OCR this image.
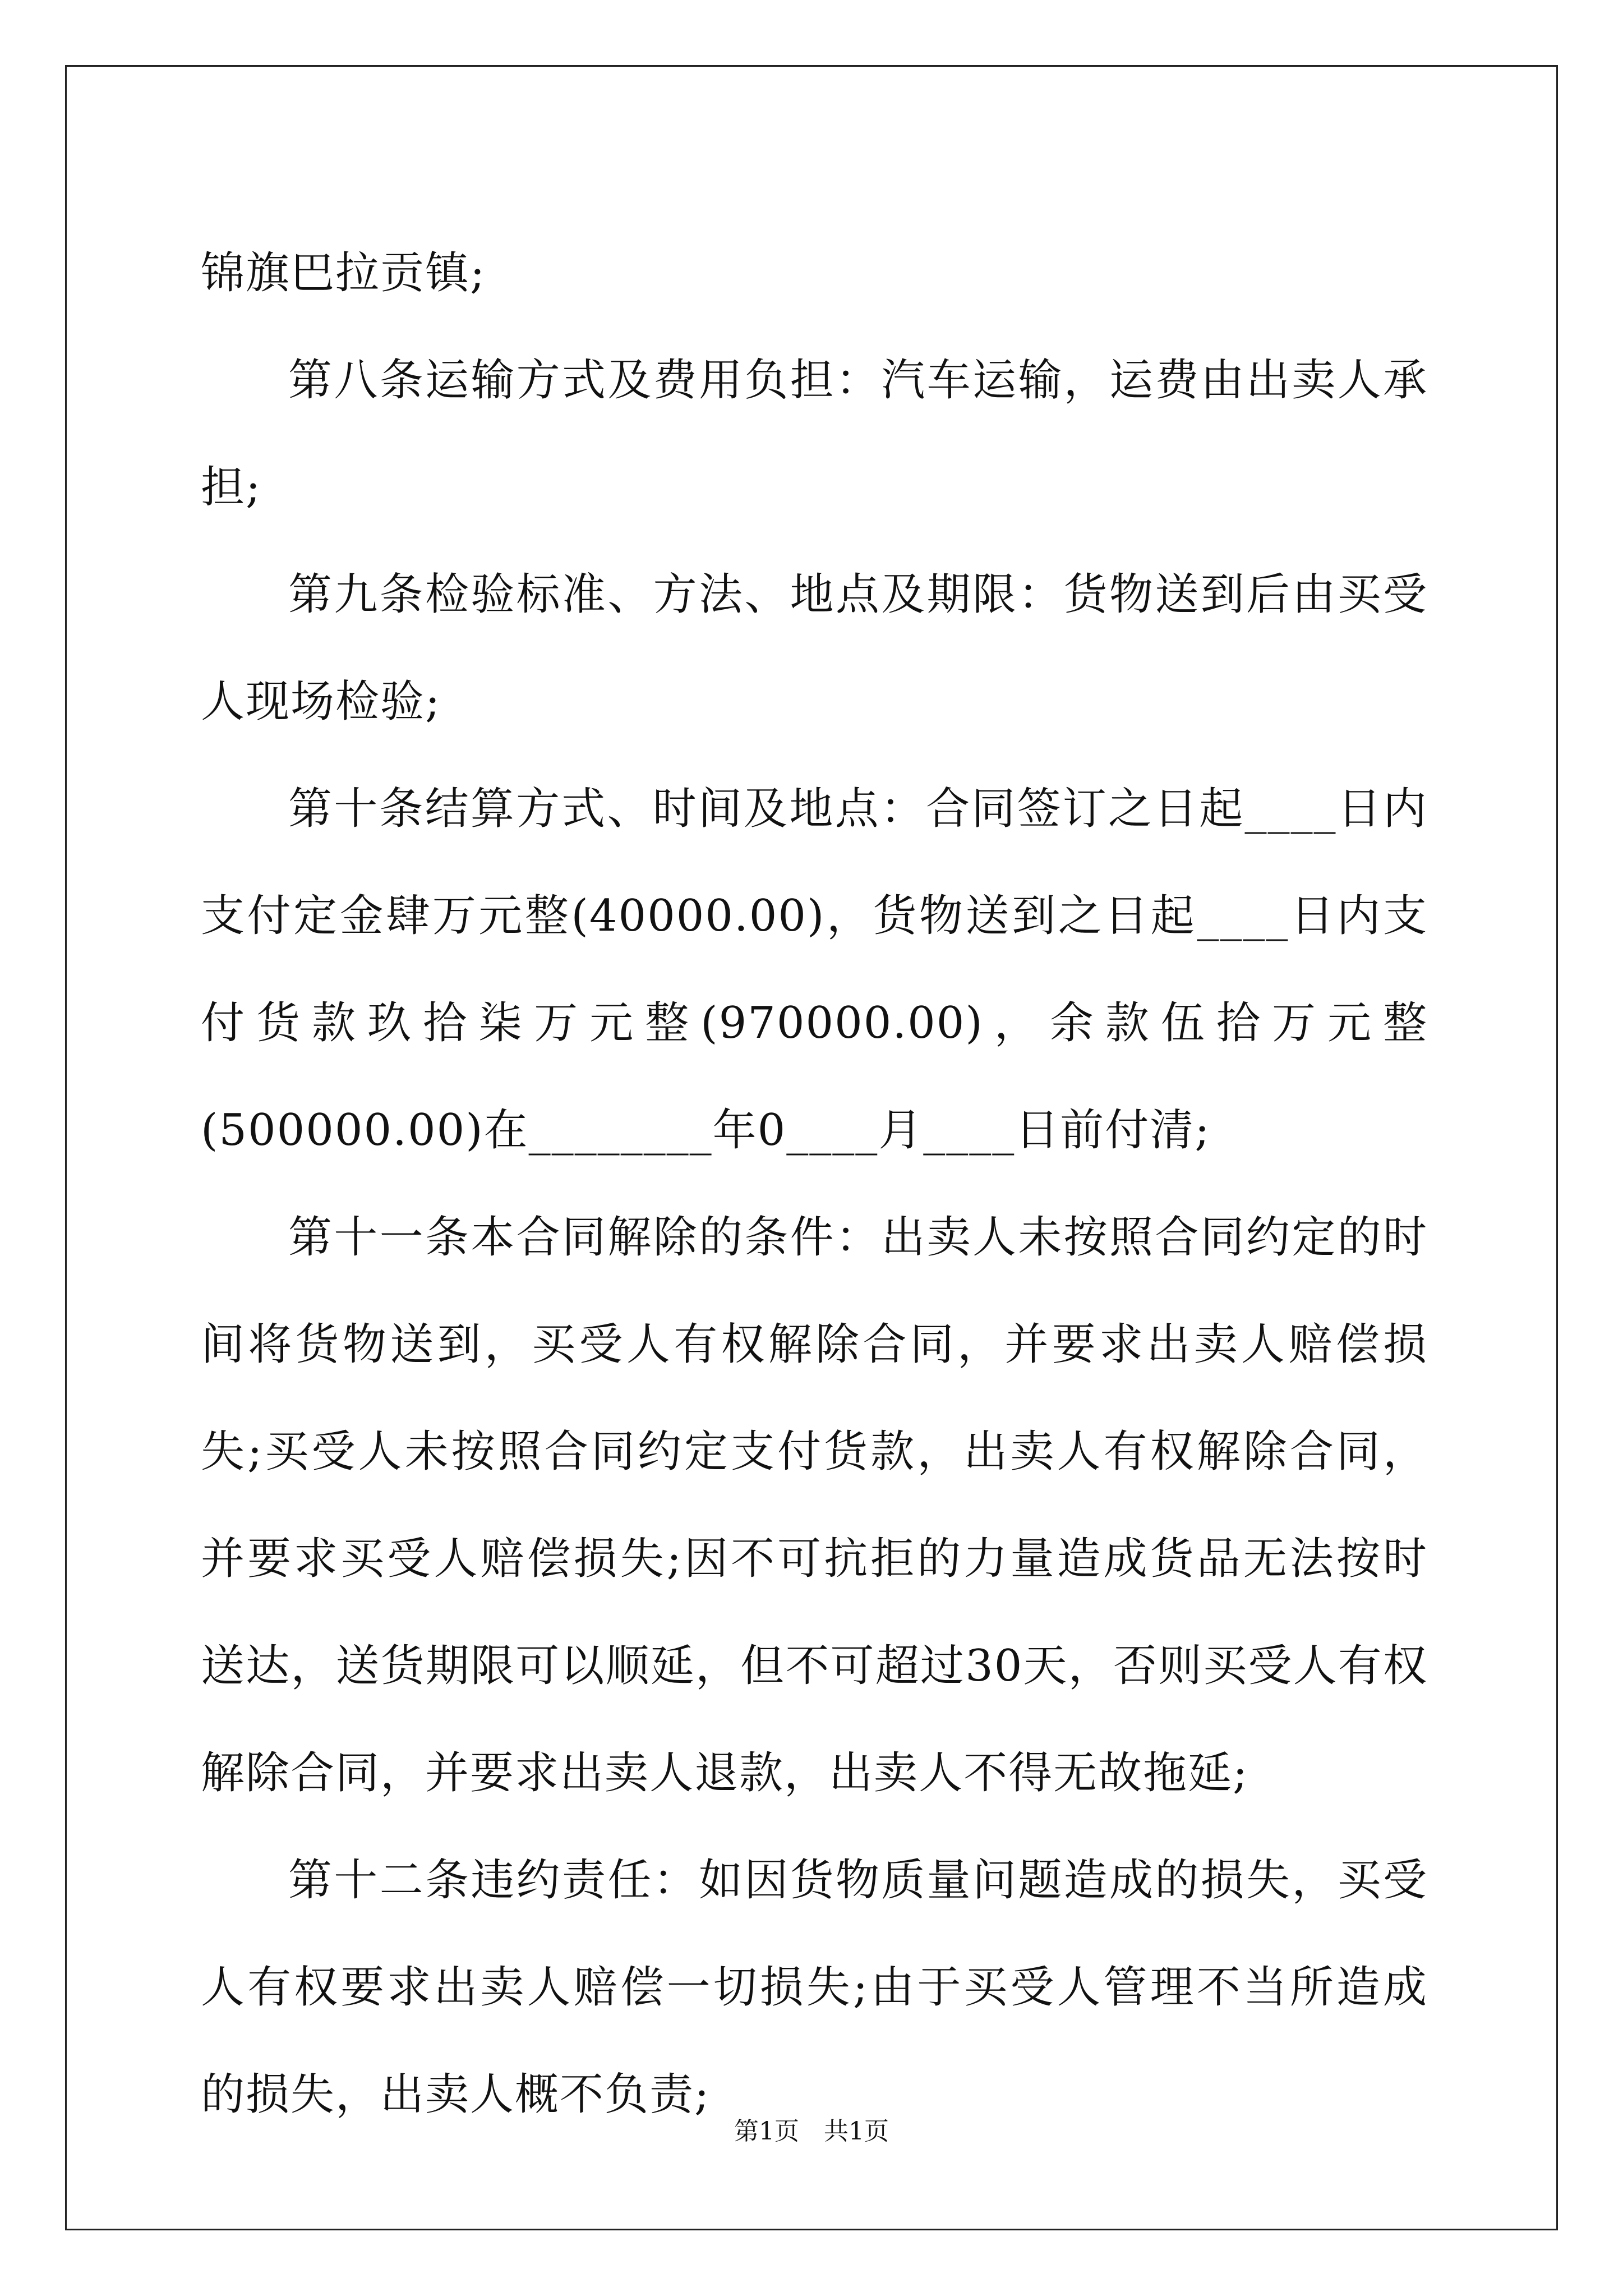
锦旗巴拉贡镇;

第八条运输方式及费用负担：汽车运输，运费由出卖人承担;

第九条检验标准、方法、地点及期限：货物送到后由买受人现场检验;

第十条结算方式、时间及地点：合同签订之日起____日内支付定金肆万元整(40000.00)，货物送到之日起____日内支付货款玖拾柒万元整(970000.00)，余款伍拾万元整(500000.00)在________年0____月____日前付清;

第十一条本合同解除的条件：出卖人未按照合同约定的时间将货物送到，买受人有权解除合同，并要求出卖人赔偿损失;买受人未按照合同约定支付货款，出卖人有权解除合同，并要求买受人赔偿损失;因不可抗拒的力量造成货品无法按时送达，送货期限可以顺延，但不可超过30天，否则买受人有权解除合同，并要求出卖人退款，出卖人不得无故拖延;

第十二条违约责任：如因货物质量问题造成的损失，买受人有权要求出卖人赔偿一切损失;由于买受人管理不当所造成的损失，出卖人概不负责;

第1页　共1页
